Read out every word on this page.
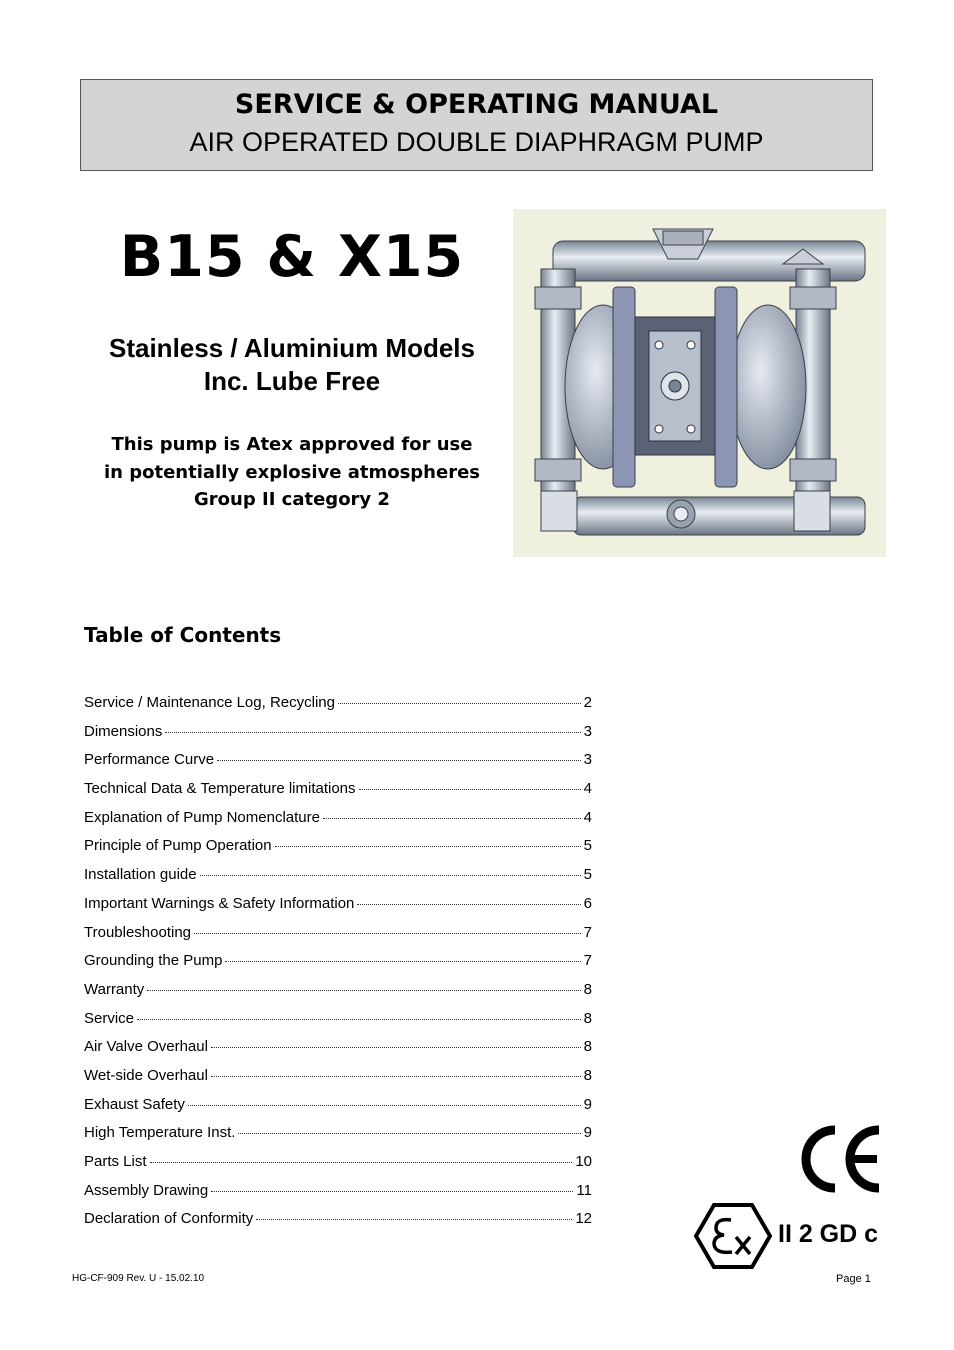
SERVICE & OPERATING MANUAL
AIR OPERATED DOUBLE DIAPHRAGM PUMP
B15 & X15
Stainless / Aluminium Models
Inc. Lube Free
This pump is Atex approved for use
in potentially explosive atmospheres
Group II category 2
Table of Contents
Service / Maintenance Log, Recycling	2
Dimensions	3
Performance Curve	3
Technical Data & Temperature limitations	4
Explanation of Pump Nomenclature	4
Principle of Pump Operation	5
Installation guide	5
Important Warnings & Safety Information	6
Troubleshooting	7
Grounding the Pump	7
Warranty	8
Service	8
Air Valve Overhaul	8
Wet-side Overhaul	8
Exhaust Safety	9
High Temperature Inst.	9
Parts List	10
Assembly Drawing	11
Declaration of Conformity	12
II 2 GD c
HG-CF-909 Rev. U - 15.02.10	Page 1
